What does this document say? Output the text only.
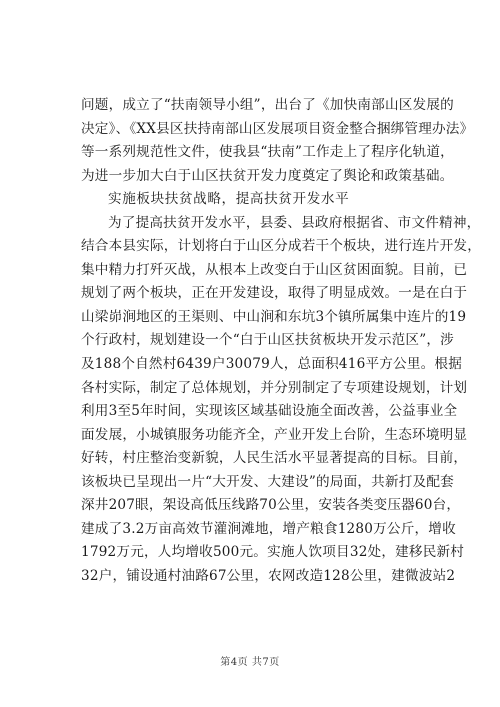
问题，成立了“扶南领导小组”，出台了《加快南部山区发展的
决定》、《XX县区扶持南部山区发展项目资金整合捆绑管理办法》
等一系列规范性文件，使我县“扶南”工作走上了程序化轨道，
为进一步加大白于山区扶贫开发力度奠定了舆论和政策基础。
实施板块扶贫战略，提高扶贫开发水平
为了提高扶贫开发水平，县委、县政府根据省、市文件精神，
结合本县实际，计划将白于山区分成若干个板块，进行连片开发，
集中精力打歼灭战，从根本上改变白于山区贫困面貌。目前，已
规划了两个板块，正在开发建设，取得了明显成效。一是在白于
山梁峁涧地区的王渠则、中山涧和东坑3个镇所属集中连片的19
个行政村，规划建设一个“白于山区扶贫板块开发示范区”，涉
及188个自然村6439户30079人，总面积416平方公里。根据
各村实际，制定了总体规划，并分别制定了专项建设规划，计划
利用3至5年时间，实现该区域基础设施全面改善，公益事业全
面发展，小城镇服务功能齐全，产业开发上台阶，生态环境明显
好转，村庄整治变新貌，人民生活水平显著提高的目标。目前，
该板块已呈现出一片“大开发、大建设”的局面，共新打及配套
深井207眼，架设高低压线路70公里，安装各类变压器60台，
建成了3.2万亩高效节灌涧滩地，增产粮食1280万公斤，增收
1792万元，人均增收500元。实施人饮项目32处，建移民新村
32户，铺设通村油路67公里，农网改造128公里，建微波站2
第4页 共7页
